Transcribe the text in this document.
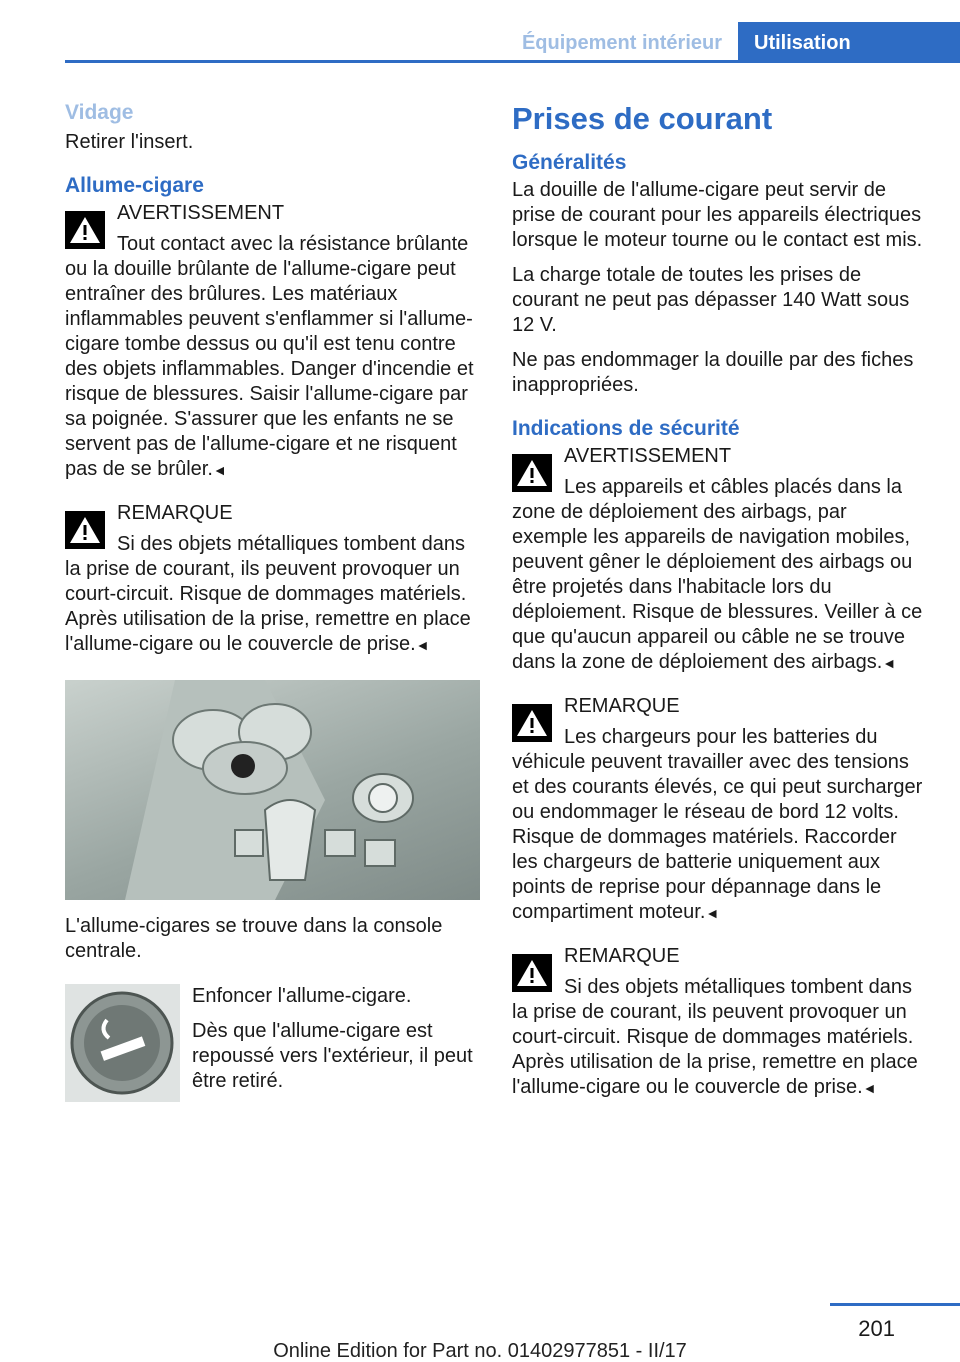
Équipement intérieur	Utilisation
Vidage

Retirer l'insert.

Allume-cigare
AVERTISSEMENT
Tout contact avec la résistance brûlante ou la douille brûlante de l'allume-cigare peut entraîner des brûlures. Les matériaux inflammables peuvent s'enflammer si l'allume-cigare tombe dessus ou qu'il est tenu contre des objets inflammables. Danger d'incendie et risque de blessures. Saisir l'allume-cigare par sa poignée. S'assurer que les enfants ne se servent pas de l'allume-cigare et ne risquent pas de se brûler.◄
REMARQUE
Si des objets métalliques tombent dans la prise de courant, ils peuvent provoquer un court-circuit. Risque de dommages matériels. Après utilisation de la prise, remettre en place l'allume-cigare ou le couvercle de prise.◄

L'allume-cigares se trouve dans la console centrale.

Enfoncer l'allume-cigare.

Dès que l'allume-cigare est repoussé vers l'extérieur, il peut être retiré.

Prises de courant
Généralités

La douille de l'allume-cigare peut servir de prise de courant pour les appareils électriques lorsque le moteur tourne ou le contact est mis.

La charge totale de toutes les prises de courant ne peut pas dépasser 140 Watt sous 12 V.

Ne pas endommager la douille par des fiches inappropriées.

Indications de sécurité
AVERTISSEMENT
Les appareils et câbles placés dans la zone de déploiement des airbags, par exemple les appareils de navigation mobiles, peuvent gêner le déploiement des airbags ou être projetés dans l'habitacle lors du déploiement. Risque de blessures. Veiller à ce que qu'aucun appareil ou câble ne se trouve dans la zone de déploiement des airbags.◄
REMARQUE
Les chargeurs pour les batteries du véhicule peuvent travailler avec des tensions et des courants élevés, ce qui peut surcharger ou endommager le réseau de bord 12 volts. Risque de dommages matériels. Raccorder les chargeurs de batterie uniquement aux points de reprise pour dépannage dans le compartiment moteur.◄
REMARQUE
Si des objets métalliques tombent dans la prise de courant, ils peuvent provoquer un court-circuit. Risque de dommages matériels. Après utilisation de la prise, remettre en place l'allume-cigare ou le couvercle de prise.◄
201
Online Edition for Part no. 01402977851 - II/17
